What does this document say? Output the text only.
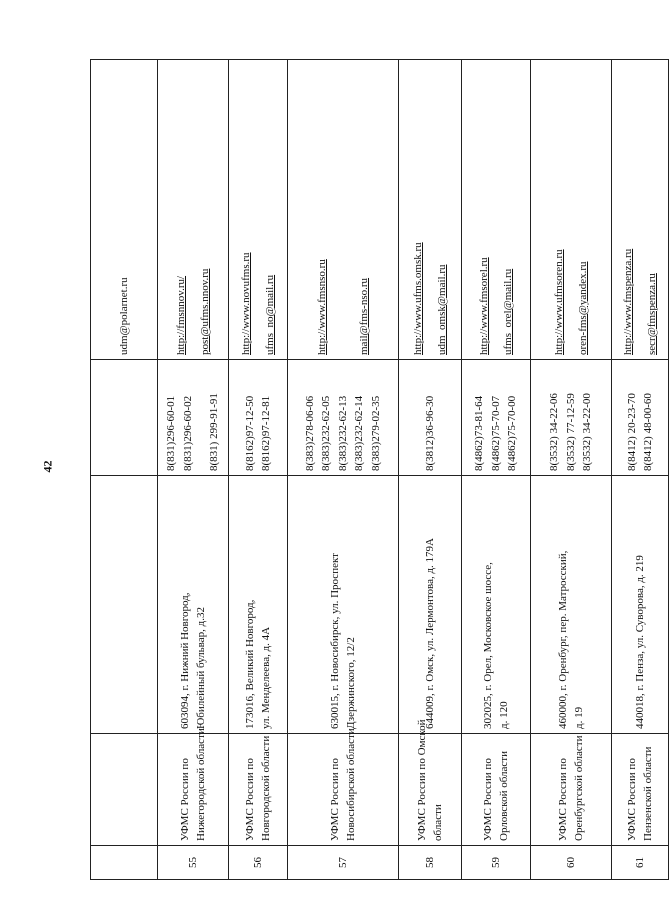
42

				udm@polarnet.ru

55	УФМС России по Нижегородской области	603094, г. Нижний Новгород, Юбилейный бульвар, д.32	8(831)296-60-01 8(831)296-60-02 8(831) 299-91-91	http://fmsnnov.ru/ post@ufms.nnov.ru

56	УФМС России по Новгородской области	173016, Великий Новгород, ул. Менделеева, д. 4А	8(8162)97-12-50 8(8162)97-12-81	http://www.novufms.ru ufms_no@mail.ru

57	УФМС России по Новосибирской области	630015, г. Новосибирск, ул. Проспект Дзержинского, 12/2	8(383)278-06-06 8(383)232-62-05 8(383)232-62-13 8(383)232-62-14 8(383)279-02-35	http://www.fmsnso.ru mail@fms-nso.ru

58	УФМС России по Омской области	644009, г. Омск, ул. Лермонтова, д. 179А	8(3812)36-96-30	http://www.ufms.omsk.ru udm_omsk@mail.ru

59	УФМС России по Орловской области	302025, г. Орел, Московское шоссе, д. 120	8(4862)73-81-64 8(4862)75-70-07 8(4862)75-70-00	http://www.fmsorel.ru ufms_orel@mail.ru

60	УФМС России по Оренбургской области	460000, г. Оренбург, пер. Матросский, д. 19	8(3532) 34-22-06 8(3532) 77-12-59 8(3532) 34-22-00	http://www.ufmsoren.ru oren-fms@yandex.ru

61	УФМС России по Пензенской области	440018, г. Пенза, ул. Суворова, д. 219	8(8412) 20-23-70 8(8412) 48-00-60	http://www.fmspenza.ru secr@fmspenza.ru
